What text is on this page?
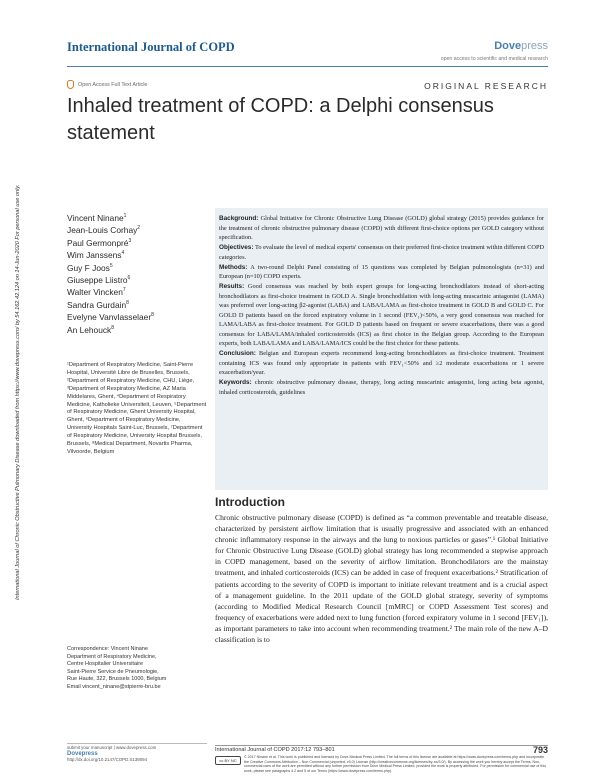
International Journal of Chronic Obstructive Pulmonary Disease downloaded from https://www.dovepress.com/ by 54.162.42.124 on 14-Jun-2020 For personal use only.
International Journal of COPD	Dovepress
open access to scientific and medical research
Open Access Full Text Article	ORIGINAL RESEARCH
Inhaled treatment of COPD: a Delphi consensus statement
Vincent Ninane$^1$
Jean-Louis Corhay$^2$
Paul Germonpré$^3$
Wim Janssens$^4$
Guy F Joos$^5$
Giuseppe Liistro$^6$
Walter Vincken$^7$
Sandra Gurdain$^8$
Evelyne Vanvlasselaer$^8$
An Lehouck$^8$
¹Department of Respiratory Medicine, Saint-Pierre Hospital, Université Libre de Bruxelles, Brussels, ²Department of Respiratory Medicine, CHU, Liège, ³Department of Respiratory Medicine, AZ Maria Middelares, Ghent, ⁴Department of Respiratory Medicine, Katholieke Universiteit, Leuven, ⁵Department of Respiratory Medicine, Ghent University Hospital, Ghent, ⁶Department of Respiratory Medicine, University Hospitals Saint-Luc, Brussels, ⁷Department of Respiratory Medicine, University Hospital Brussels, Brussels, ⁸Medical Department, Novartis Pharma, Vilvoorde, Belgium
Correspondence: Vincent Ninane
Department of Respiratory Medicine,
Centre Hospitalier Universitaire
Saint-Pierre Service de Pneumologie,
Rue Haute, 322, Brussels 1000, Belgium
Email vincent_ninane@stpierre-bru.be

Background: Global Initiative for Chronic Obstructive Lung Disease (GOLD) global strategy (2015) provides guidance for the treatment of chronic obstructive pulmonary disease (COPD) with different first-choice options per GOLD category without specification.

Objectives: To evaluate the level of medical experts' consensus on their preferred first-choice treatment within different COPD categories.

Methods: A two-round Delphi Panel consisting of 15 questions was completed by Belgian pulmonologists (n=31) and European (n=10) COPD experts.

Results: Good consensus was reached by both expert groups for long-acting bronchodilators instead of short-acting bronchodilators as first-choice treatment in GOLD A. Single bronchodilation with long-acting muscarinic antagonist (LAMA) was preferred over long-acting β2-agonist (LABA) and LABA/LAMA as first-choice treatment in GOLD B and GOLD C. For GOLD D patients based on the forced expiratory volume in 1 second (FEV₁)<50%, a very good consensus was reached for LAMA/LABA as first-choice treatment. For GOLD D patients based on frequent or severe exacerbations, there was a good consensus for LABA/LAMA/inhaled corticosteroids (ICS) as first choice in the Belgian group. According to the European experts, both LABA/LAMA and LABA/LAMA/ICS could be the first choice for these patients.

Conclusion: Belgian and European experts recommend long-acting bronchodilators as first-choice treatment. Treatment containing ICS was found only appropriate in patients with FEV₁<50% and ≥2 moderate exacerbations or 1 severe exacerbation/year.

Keywords: chronic obstructive pulmonary disease, therapy, long acting muscarinic antagonist, long acting beta agonist, inhaled corticosteroids, guidelines

Introduction
Chronic obstructive pulmonary disease (COPD) is defined as “a common preventable and treatable disease, characterized by persistent airflow limitation that is usually progressive and associated with an enhanced chronic inflammatory response in the airways and the lung to noxious particles or gases”.¹ Global Initiative for Chronic Obstructive Lung Disease (GOLD) global strategy has long recommended a stepwise approach in COPD management, based on the severity of airflow limitation. Bronchodilators are the mainstay treatment, and inhaled corticosteroids (ICS) can be added in case of frequent exacerbations.² Stratification of patients according to the severity of COPD is important to initiate relevant treatment and is a crucial aspect of a management guideline. In the 2011 update of the GOLD global strategy, severity of symptoms (according to Modified Medical Research Council [mMRC] or COPD Assessment Test scores) and frequency of exacerbations were added next to lung function (forced expiratory volume in 1 second [FEV₁]), as important parameters to take into account when recommending treatment.² The main role of the new A–D classification is to
submit your manuscript | www.dovepress.com
Dovepress
http://dx.doi.org/10.2147/COPD.S139094
International Journal of COPD 2017:12 793–801	793
cc BY NC
© 2017 Ninane et al. This work is published and licensed by Dove Medical Press Limited. The full terms of this license are available at https://www.dovepress.com/terms.php and incorporate the Creative Commons Attribution – Non Commercial (unported, v3.0) License (http://creativecommons.org/licenses/by-nc/3.0/). By accessing the work you hereby accept the Terms. Non-commercial uses of the work are permitted without any further permission from Dove Medical Press Limited, provided the work is properly attributed. For permission for commercial use of this work, please see paragraphs 4.2 and 5 of our Terms (https://www.dovepress.com/terms.php).
